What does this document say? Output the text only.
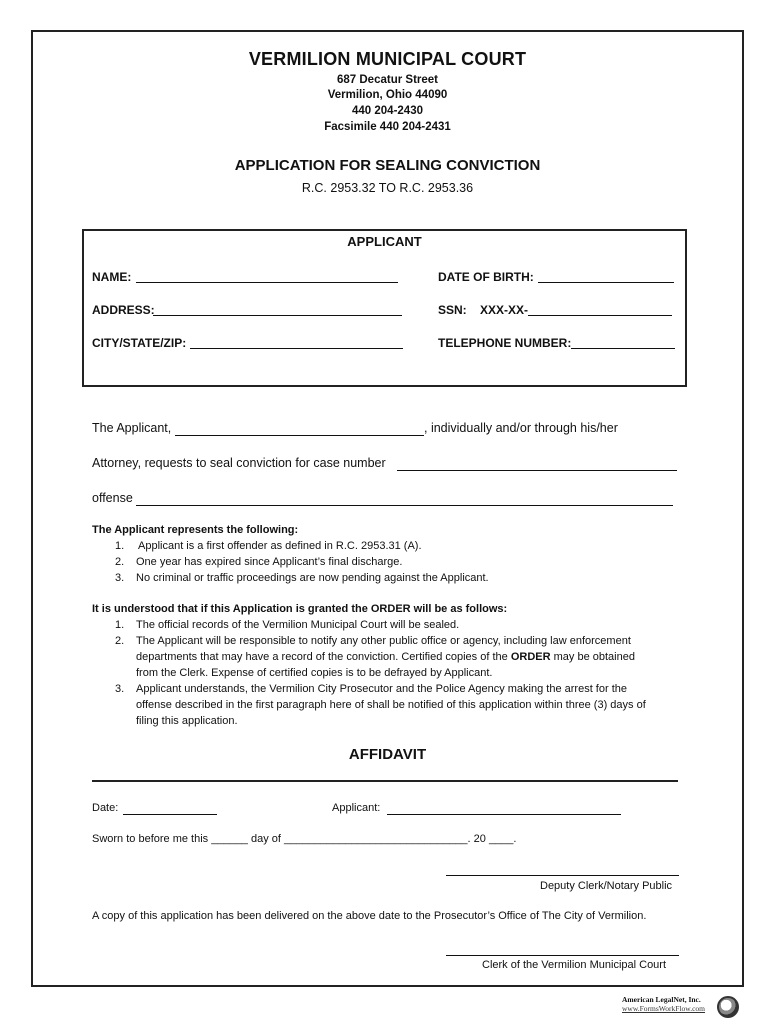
VERMILION MUNICIPAL COURT
687 Decatur Street
Vermilion, Ohio 44090
440 204-2430
Facsimile 440 204-2431
APPLICATION FOR SEALING CONVICTION
R.C. 2953.32 TO R.C. 2953.36
APPLICANT
NAME:	DATE OF BIRTH:
ADDRESS:	SSN: XXX-XX-
CITY/STATE/ZIP:	TELEPHONE NUMBER:
The Applicant,	, individually and/or through his/her
Attorney, requests to seal conviction for case number
offense
The Applicant represents the following:
1. Applicant is a first offender as defined in R.C. 2953.31 (A).
2. One year has expired since Applicant’s final discharge.
3. No criminal or traffic proceedings are now pending against the Applicant.
It is understood that if this Application is granted the ORDER will be as follows:
1. The official records of the Vermilion Municipal Court will be sealed.
2. The Applicant will be responsible to notify any other public office or agency, including law enforcement
departments that may have a record of the conviction. Certified copies of the ORDER may be obtained
from the Clerk. Expense of certified copies is to be defrayed by Applicant.
3. Applicant understands, the Vermilion City Prosecutor and the Police Agency making the arrest for the
offense described in the first paragraph here of shall be notified of this application within three (3) days of
filing this application.
AFFIDAVIT
Date:	Applicant:
Sworn to before me this ______ day of ______________________________. 20 ____.
Deputy Clerk/Notary Public
A copy of this application has been delivered on the above date to the Prosecutor’s Office of The City of Vermilion.
Clerk of the Vermilion Municipal Court
American LegalNet, Inc.
www.FormsWorkFlow.com
